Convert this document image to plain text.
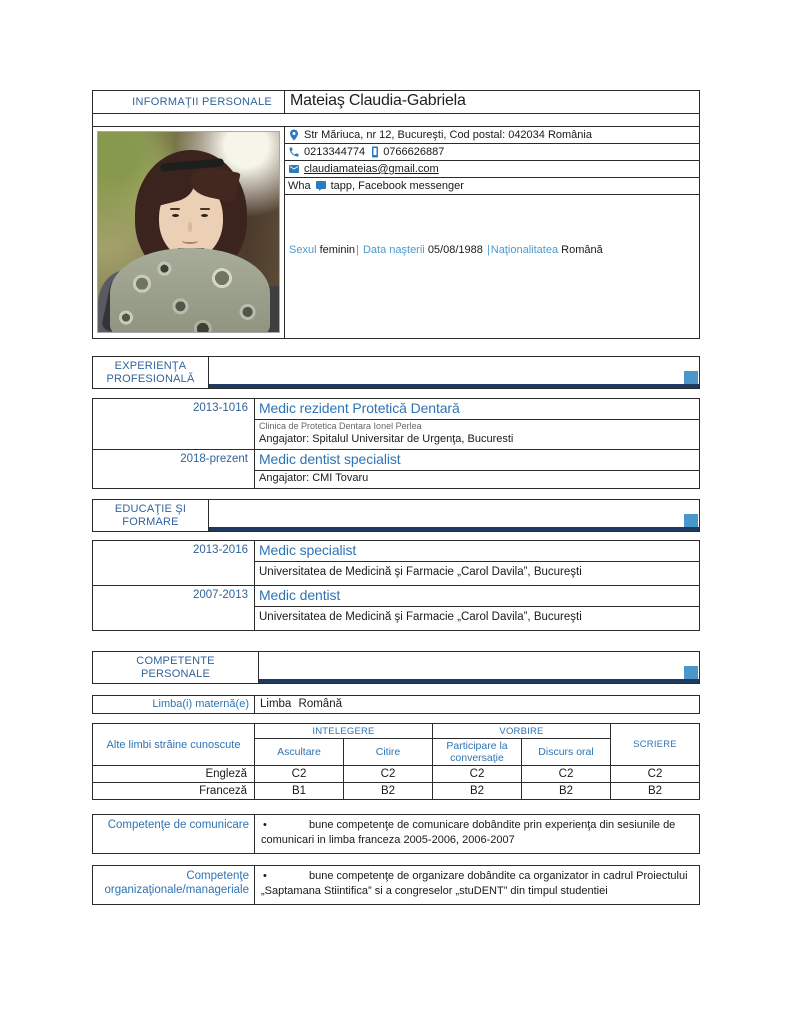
INFORMAŢII PERSONALE	Mateiaş Claudia-Gabriela
Str Măriuca, nr 12, Bucureşti, Cod postal: 042034 România
0213344774 0766626887
claudiamateias@gmail.com
Wha tapp, Facebook messenger
Sexul feminin| Data naşterii 05/08/1988 |Naţionalitatea Română
EXPERIENŢA
PROFESIONALĂ
2013-1016 Medic rezident Protetică Dentară
Clinica de Protetica Dentara Ionel Perlea
Angajator: Spitalul Universitar de Urgenţa, Bucuresti
2018-prezent Medic dentist specialist
Angajator: CMI Tovaru
EDUCAŢIE ŞI
FORMARE
2013-2016 Medic specialist
Universitatea de Medicină şi Farmacie „Carol Davila”, Bucureşti
2007-2013 Medic dentist
Universitatea de Medicină şi Farmacie „Carol Davila”, Bucureşti
COMPETENTE
PERSONALE
Limba(i) maternă(e) Limba Română
Alte limbi străine cunoscute	INTELEGERE		VORBIRE		SCRIERE
	Ascultare	Citire	Participare la conversaţie	Discurs oral	
Engleză	C2	C2	C2	C2	C2
Franceză	B1	B2	B2	B2	B2
Competenţe de comunicare	•	bune competenţe de comunicare dobândite prin experienţa din sesiunile de comunicari in limba franceza 2005-2006, 2006-2007
Competenţe
organizaţionale/manageriale
•	bune competenţe de organizare dobândite ca organizator in cadrul Proiectului „Saptamana Stiintifica” si a congreselor „stuDENT” din timpul studentiei
